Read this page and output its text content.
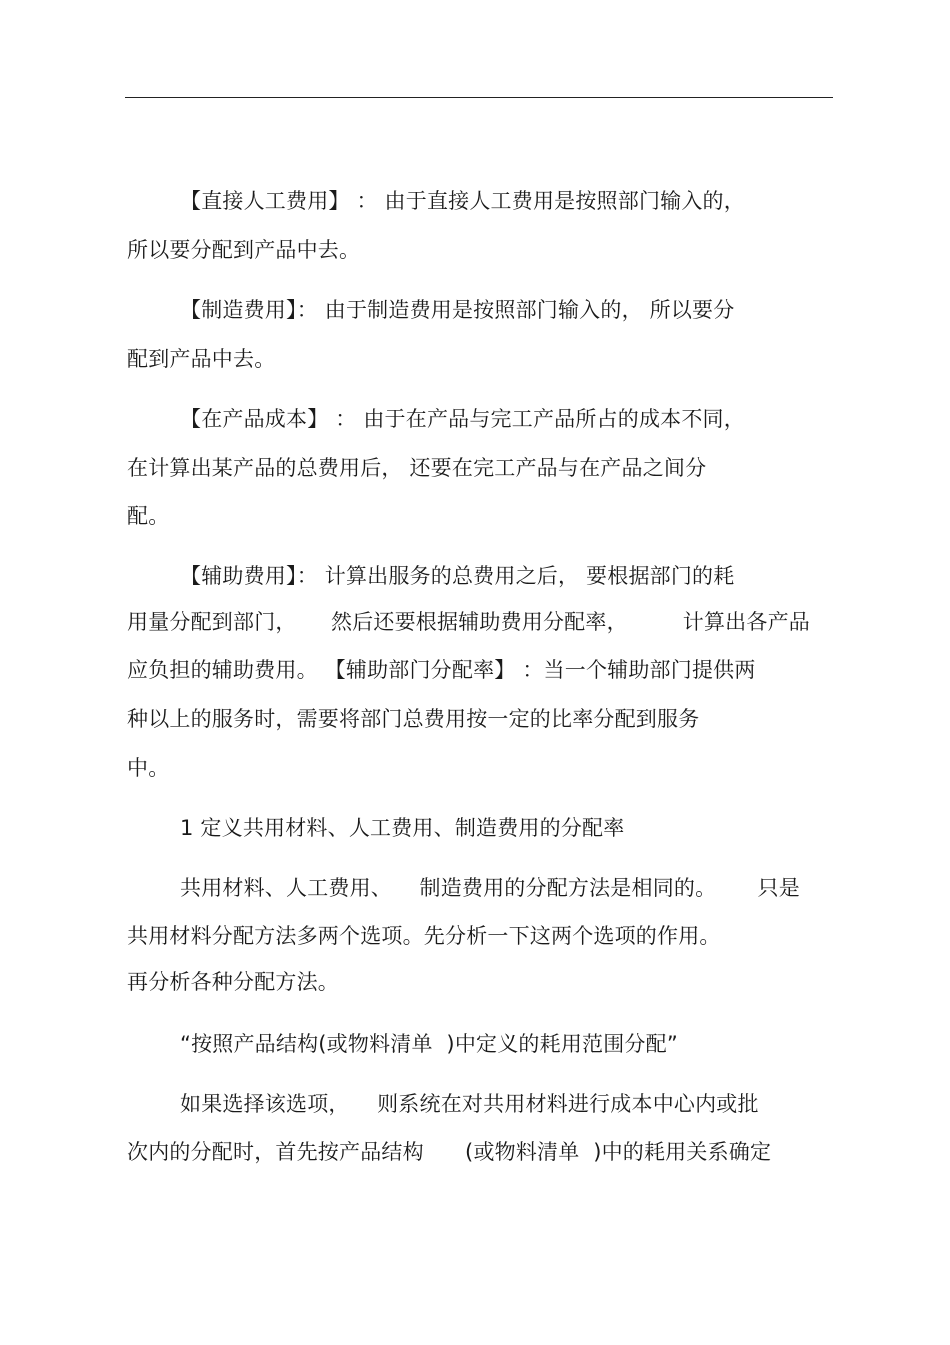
【直接人工费用】 ： 由于直接人工费用是按照部门输入的，
所以要分配到产品中去。
【制造费用】： 由于制造费用是按照部门输入的， 所以要分
配到产品中去。
【在产品成本】 ： 由于在产品与完工产品所占的成本不同，
在计算出某产品的总费用后， 还要在完工产品与在产品之间分
配。
【辅助费用】： 计算出服务的总费用之后， 要根据部门的耗
用量分配到部门，     然后还要根据辅助费用分配率，        计算出各产品
应负担的辅助费用。 【辅助部门分配率】 ：当一个辅助部门提供两
种以上的服务时，需要将部门总费用按一定的比率分配到服务
中。
1 定义共用材料、人工费用、制造费用的分配率
共用材料、人工费用、    制造费用的分配方法是相同的。      只是
共用材料分配方法多两个选项。先分析一下这两个选项的作用。
再分析各种分配方法。
“按照产品结构(或物料清单  )中定义的耗用范围分配”
如果选择该选项，    则系统在对共用材料进行成本中心内或批
次内的分配时，首先按产品结构      (或物料清单  )中的耗用关系确定
